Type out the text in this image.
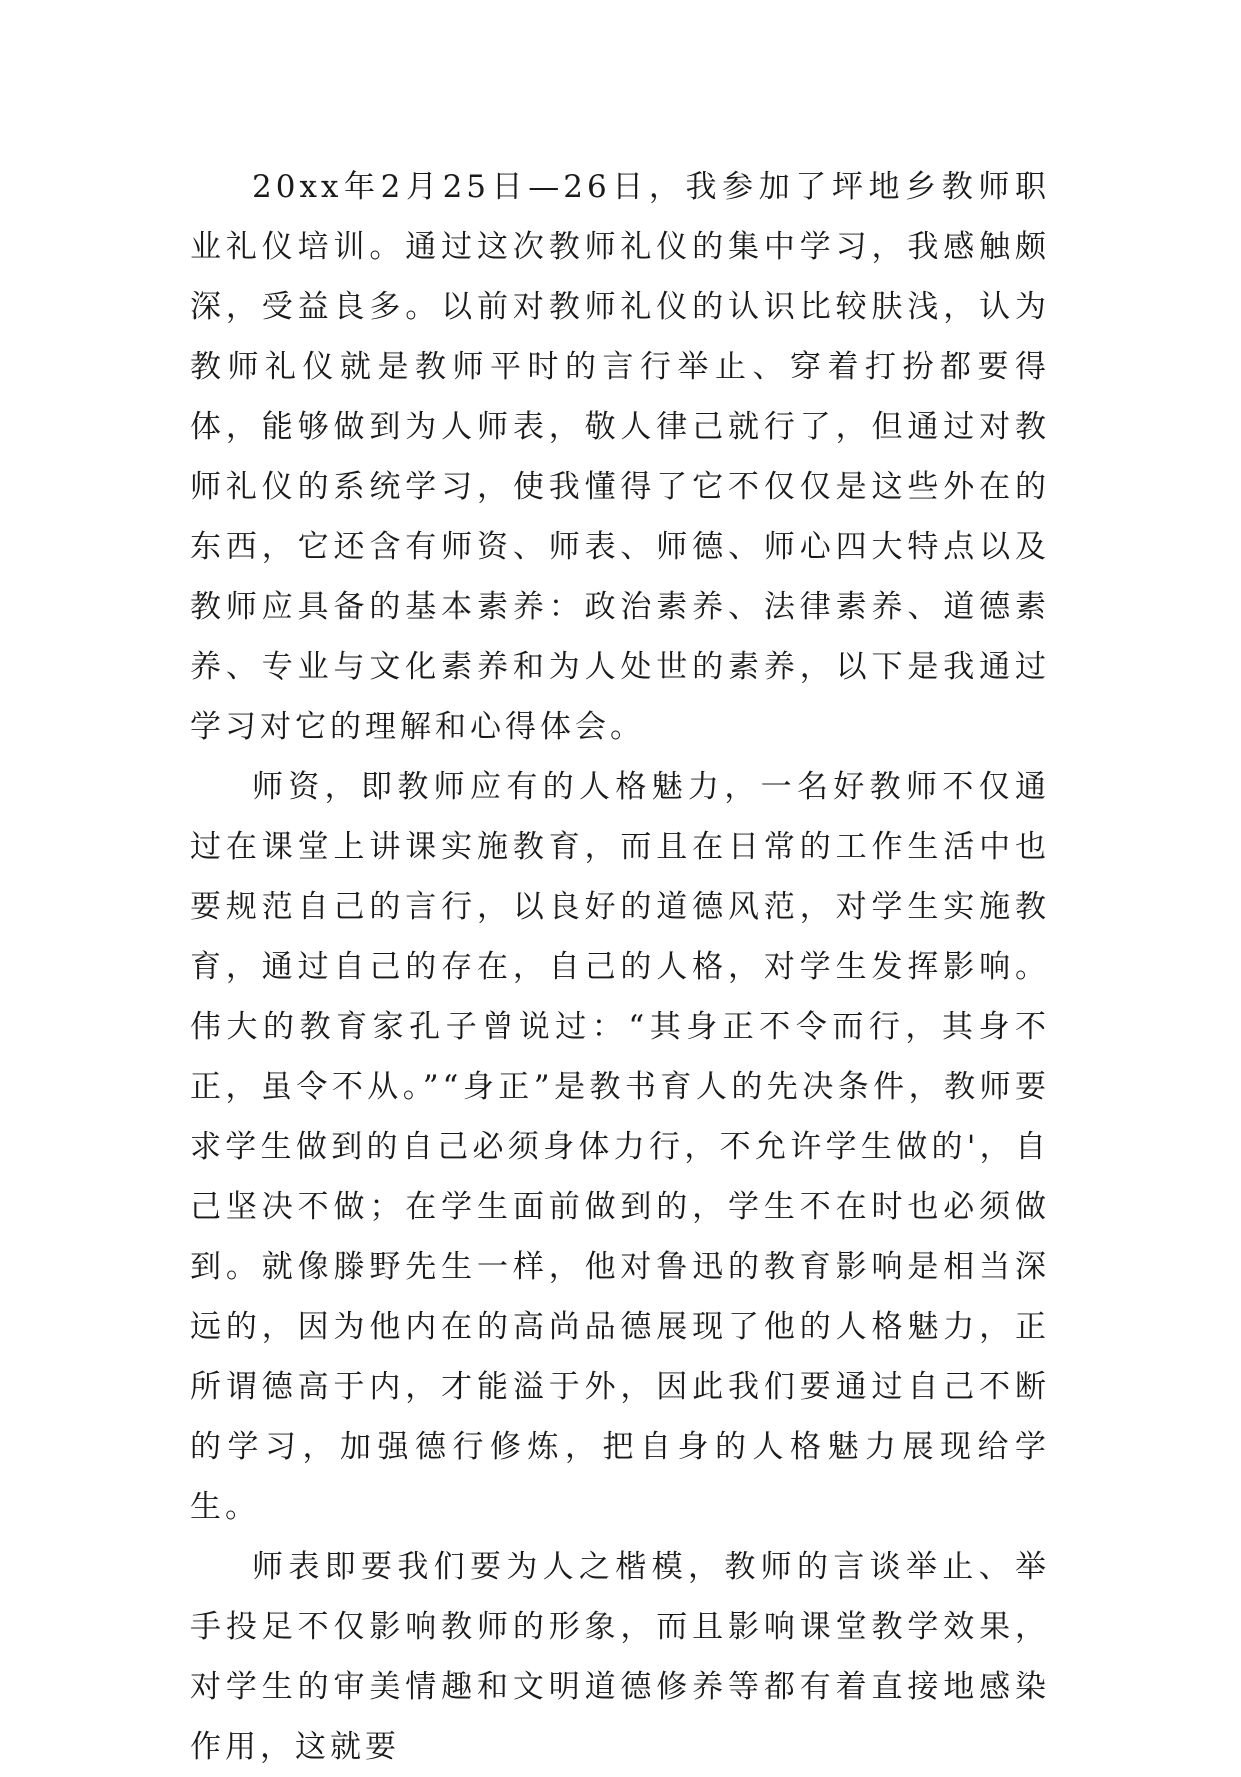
20xx年2月25日—26日，我参加了坪地乡教师职业礼仪培训。通过这次教师礼仪的集中学习，我感触颇深，受益良多。以前对教师礼仪的认识比较肤浅，认为教师礼仪就是教师平时的言行举止、穿着打扮都要得体，能够做到为人师表，敬人律己就行了，但通过对教师礼仪的系统学习，使我懂得了它不仅仅是这些外在的东西，它还含有师资、师表、师德、师心四大特点以及教师应具备的基本素养：政治素养、法律素养、道德素养、专业与文化素养和为人处世的素养，以下是我通过学习对它的理解和心得体会。

师资，即教师应有的人格魅力，一名好教师不仅通过在课堂上讲课实施教育，而且在日常的工作生活中也要规范自己的言行，以良好的道德风范，对学生实施教育，通过自己的存在，自己的人格，对学生发挥影响。伟大的教育家孔子曾说过：“其身正不令而行，其身不正，虽令不从。”“身正”是教书育人的先决条件，教师要求学生做到的自己必须身体力行，不允许学生做的'，自己坚决不做；在学生面前做到的，学生不在时也必须做到。就像滕野先生一样，他对鲁迅的教育影响是相当深远的，因为他内在的高尚品德展现了他的人格魅力，正所谓德高于内，才能溢于外，因此我们要通过自己不断的学习，加强德行修炼，把自身的人格魅力展现给学生。

师表即要我们要为人之楷模，教师的言谈举止、举手投足不仅影响教师的形象，而且影响课堂教学效果，对学生的审美情趣和文明道德修养等都有着直接地感染作用，这就要
